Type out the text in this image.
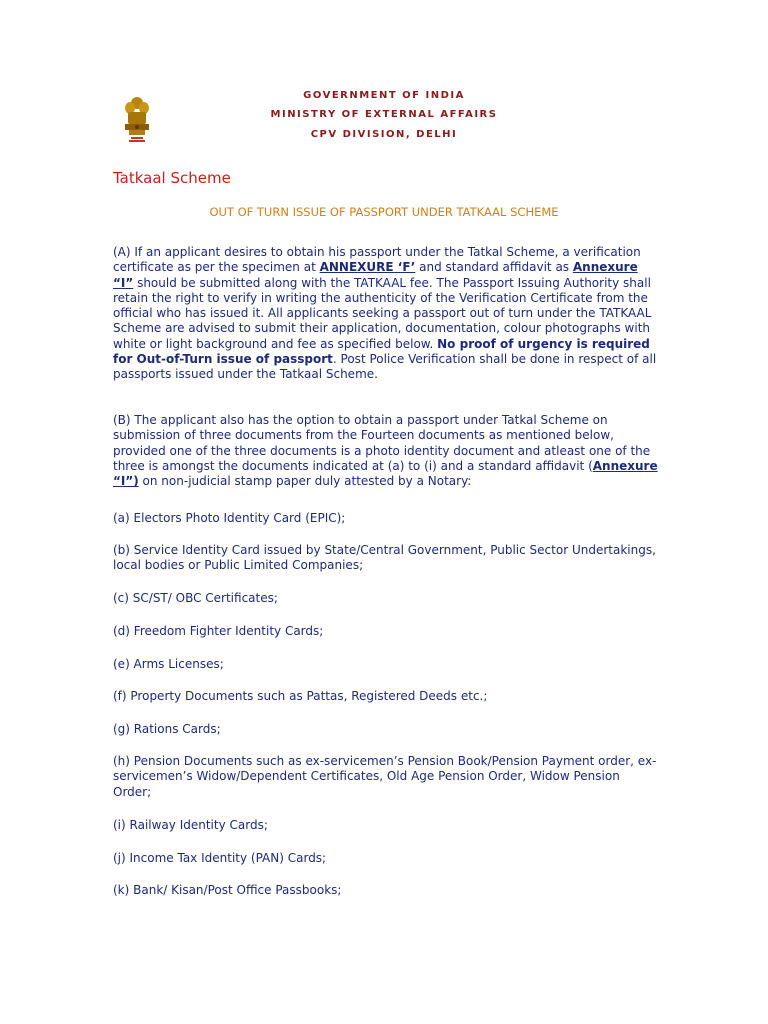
GOVERNMENT OF INDIA
MINISTRY OF EXTERNAL AFFAIRS
CPV DIVISION, DELHI
Tatkaal Scheme
OUT OF TURN ISSUE OF PASSPORT UNDER TATKAAL SCHEME
(A) If an applicant desires to obtain his passport under the Tatkal Scheme, a verification certificate as per the specimen at ANNEXURE ‘F’ and standard affidavit as Annexure “I” should be submitted along with the TATKAAL fee. The Passport Issuing Authority shall retain the right to verify in writing the authenticity of the Verification Certificate from the official who has issued it. All applicants seeking a passport out of turn under the TATKAAL Scheme are advised to submit their application, documentation, colour photographs with white or light background and fee as specified below. No proof of urgency is required for Out-of-Turn issue of passport. Post Police Verification shall be done in respect of all passports issued under the Tatkaal Scheme.
(B) The applicant also has the option to obtain a passport under Tatkal Scheme on submission of three documents from the Fourteen documents as mentioned below, provided one of the three documents is a photo identity document and atleast one of the three is amongst the documents indicated at (a) to (i) and a standard affidavit (Annexure “I”) on non-judicial stamp paper duly attested by a Notary:
(a) Electors Photo Identity Card (EPIC);
(b) Service Identity Card issued by State/Central Government, Public Sector Undertakings, local bodies or Public Limited Companies;
(c) SC/ST/ OBC Certificates;
(d) Freedom Fighter Identity Cards;
(e) Arms Licenses;
(f) Property Documents such as Pattas, Registered Deeds etc.;
(g) Rations Cards;
(h) Pension Documents such as ex-servicemen’s Pension Book/Pension Payment order, ex-servicemen’s Widow/Dependent Certificates, Old Age Pension Order, Widow Pension Order;
(i) Railway Identity Cards;
(j) Income Tax Identity (PAN) Cards;
(k) Bank/ Kisan/Post Office Passbooks;
